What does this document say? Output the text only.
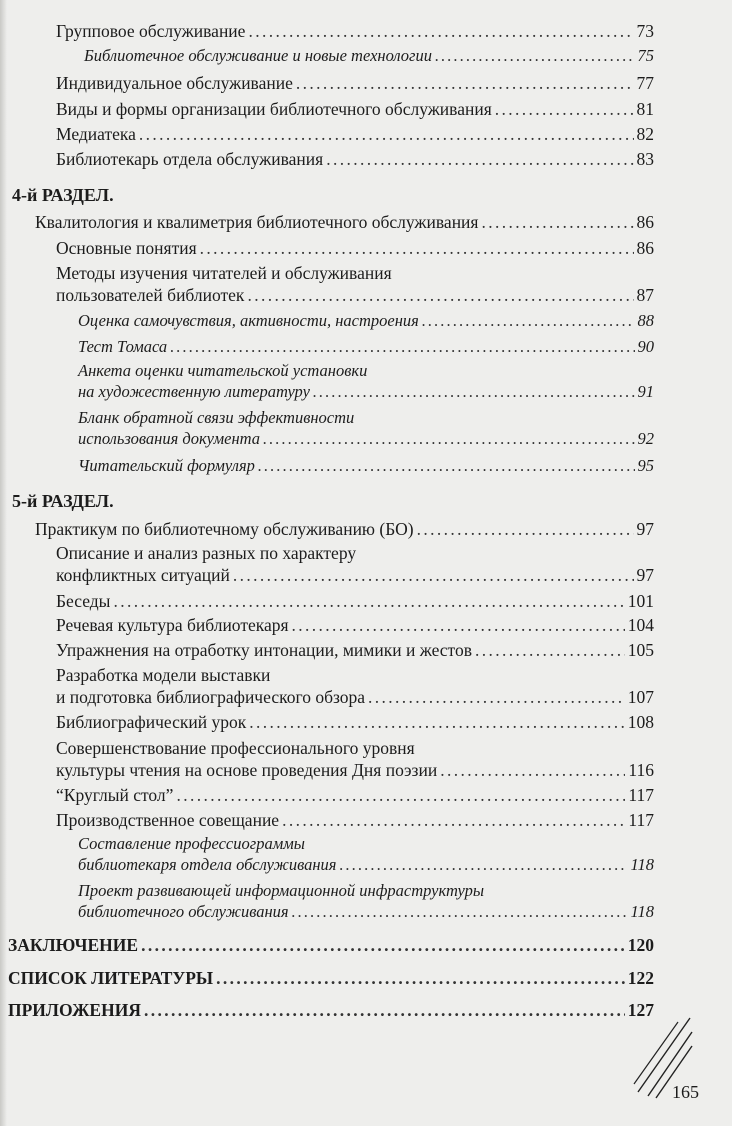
Групповое обслуживание . . .	73
Библиотечное обслуживание и новые технологии . . .	75
Индивидуальное обслуживание . . .	77
Виды и формы организации библиотечного обслуживания . . .	81
Медиатека . . .	82
Библиотекарь отдела обслуживания . . .	83
4-й РАЗДЕЛ.
Квалитология и квалиметрия библиотечного обслуживания . . .	86
Основные понятия . . .	86
Методы изучения читателей и обслуживания
пользователей библиотек . . .	87
Оценка самочувствия, активности, настроения . . .	88
Тест Томаса . . .	90
Анкета оценки читательской установки
на художественную литературу . . .	91
Бланк обратной связи эффективности
использования документа . . .	92
Читательский формуляр . . .	95
5-й РАЗДЕЛ.
Практикум по библиотечному обслуживанию (БО) . . .	97
Описание и анализ разных по характеру
конфликтных ситуаций . . .	97
Беседы . . .	101
Речевая культура библиотекаря . . .	104
Упражнения на отработку интонации, мимики и жестов . . .	105
Разработка модели выставки
и подготовка библиографического обзора . . .	107
Библиографический урок . . .	108
Совершенствование профессионального уровня
культуры чтения на основе проведения Дня поэзии . . .	116
“Круглый стол” . . .	117
Производственное совещание . . .	117
Составление профессиограммы
библиотекаря отдела обслуживания . . .	118
Проект развивающей информационной инфраструктуры
библиотечного обслуживания . . .	118
ЗАКЛЮЧЕНИЕ . . .	120
СПИСОК ЛИТЕРАТУРЫ . . .	122
ПРИЛОЖЕНИЯ . . .	127
165
